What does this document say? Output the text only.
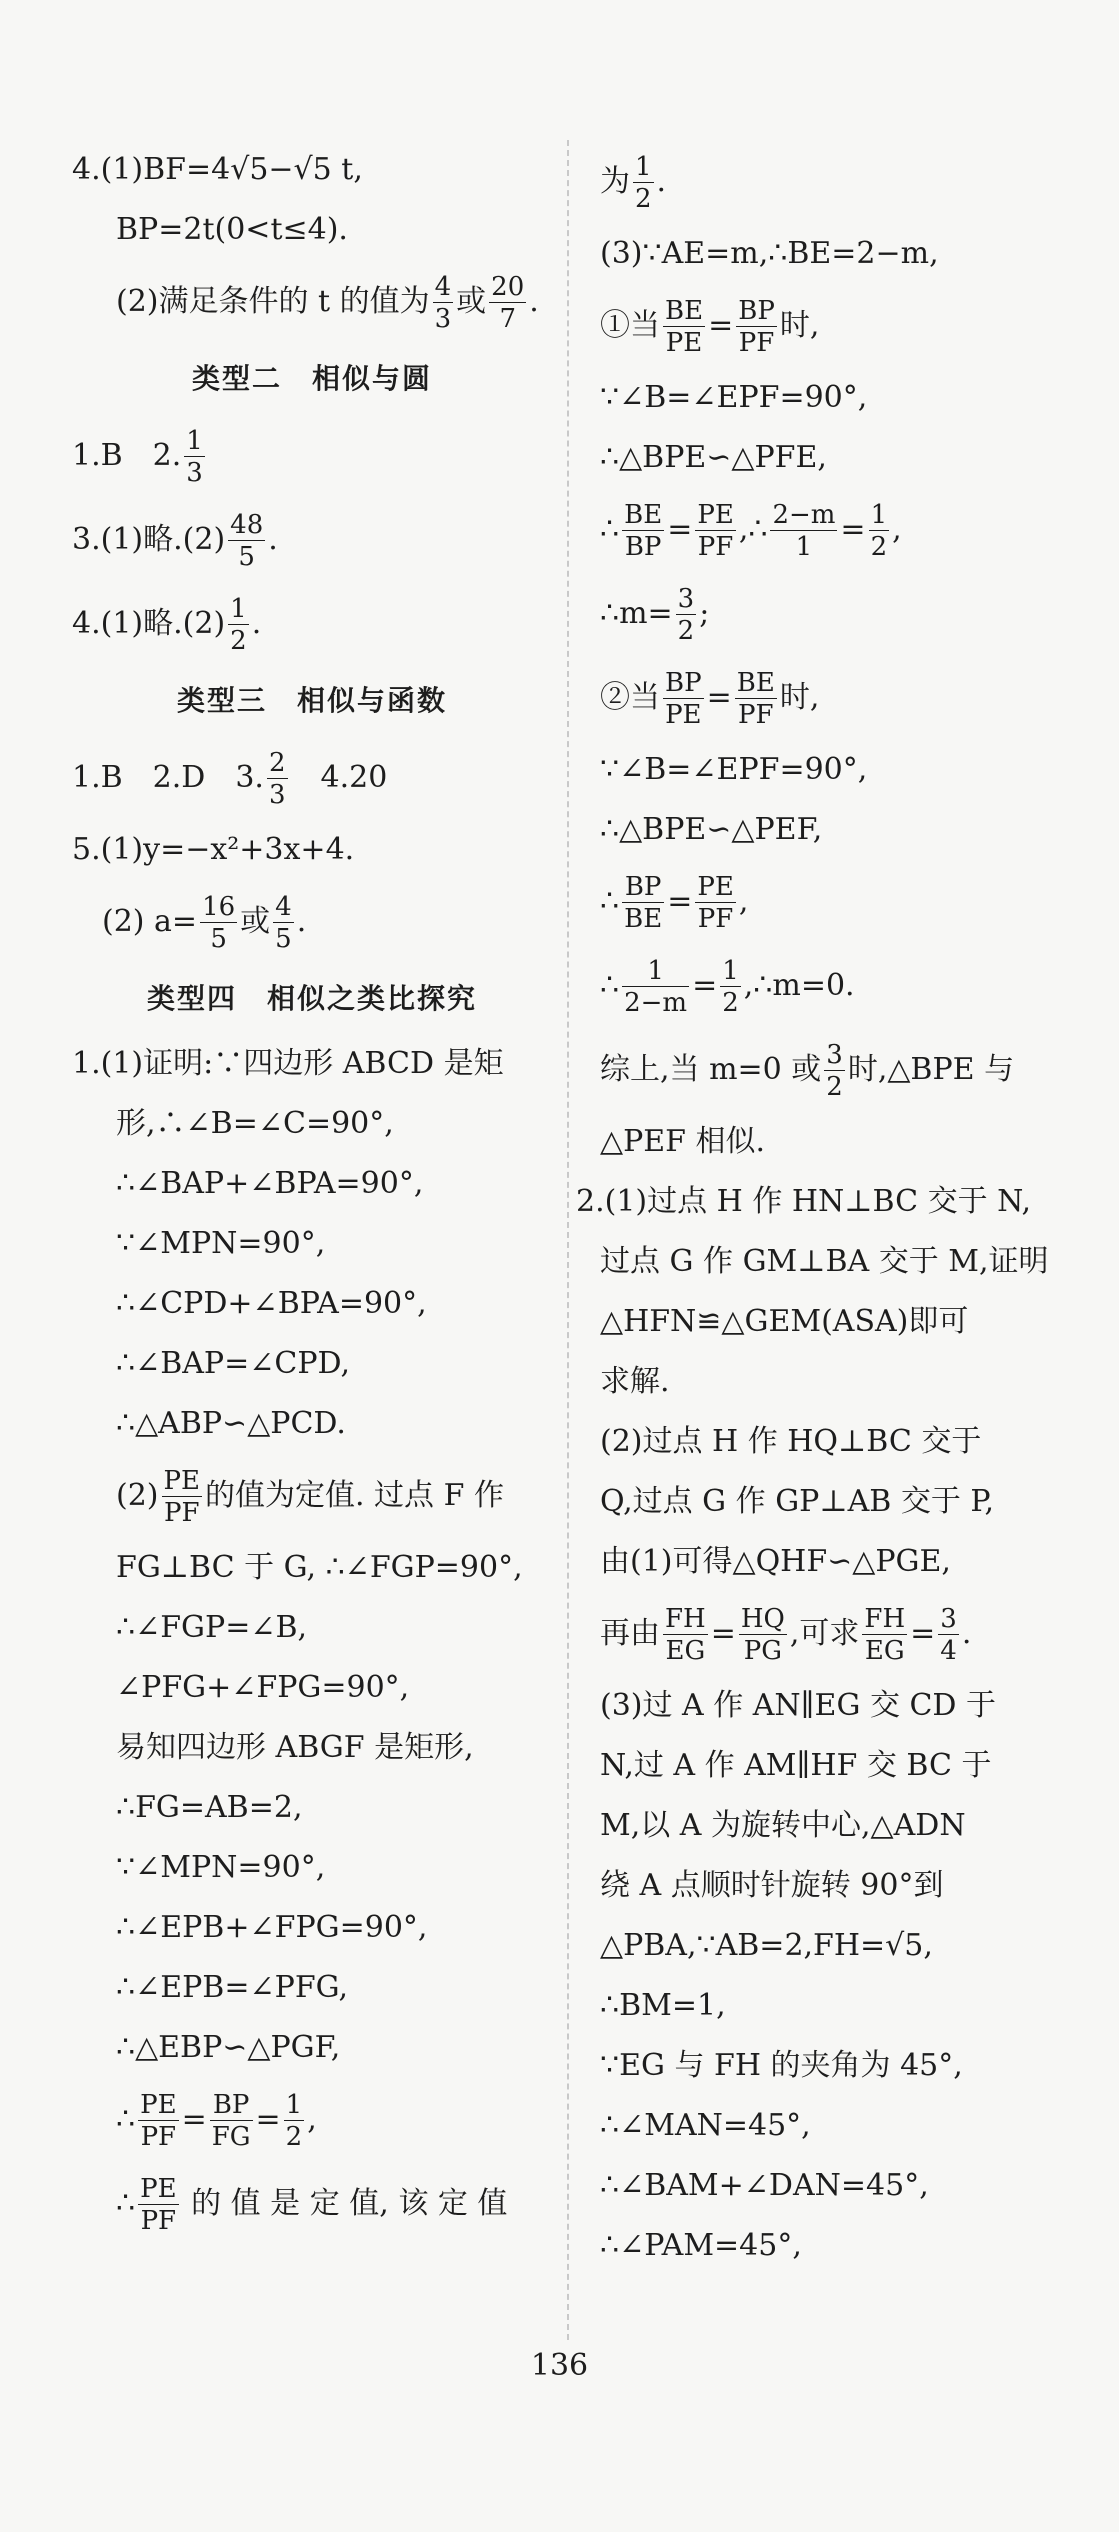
4.(1)BF=4√5−√5 t,
BP=2t(0<t≤4).
(2)满足条件的 t 的值为 $\frac{4}{3}$ 或 $\frac{20}{7}$ .
类型二　相似与圆
1.B　2. $\frac{1}{3}$
3.(1)略$.(2) \frac{48}{5}$ .
4.(1)略$.(2) \frac{1}{2}$ .
类型三　相似与函数
1.B　2.D　3. $\frac{2}{3}$ 　4.20
5.(1)y=−x²+3x+4.
(2) $a= \frac{16}{5}$ 或 $\frac{4}{5}$ .
类型四　相似之类比探究
1.(1)证明:∵四边形 ABCD 是矩
形,∴∠B=∠C=90°,
∴∠BAP+∠BPA=90°,
∵∠MPN=90°,
∴∠CPD+∠BPA=90°,
∴∠BAP=∠CPD,
∴△ABP∽△PCD.
$(2) \frac{PE}{PF}$ 的值为定值. 过点 F 作
FG⊥BC 于 G, ∴∠FGP=90°,
∴∠FGP=∠B,
∠PFG+∠FPG=90°,
易知四边形 ABGF 是矩形,
∴FG=AB=2,
∵∠MPN=90°,
∴∠EPB+∠FPG=90°,
∴∠EPB=∠PFG,
∴△EBP∽△PGF,
∴ $\frac{PE}{PF} = \frac{BP}{FG} = \frac{1}{2}$ ,
∴ $\frac{PE}{PF}$ 的 值 是 定 值, 该 定 值
为 $\frac{1}{2}$ .
(3)∵AE=m,∴BE=2−m,
①当 $\frac{BE}{PE} = \frac{BP}{PF}$ 时,
∵∠B=∠EPF=90°,
∴△BPE∽△PFE,
∴ $\frac{BE}{BP} = \frac{PE}{PF}$ ,∴ $\frac{2-m}{1} = \frac{1}{2}$ ,
∴m= $\frac{3}{2}$ ;
②当 $\frac{BP}{PE} = \frac{BE}{PF}$ 时,
∵∠B=∠EPF=90°,
∴△BPE∽△PEF,
∴ $\frac{BP}{BE} = \frac{PE}{PF}$ ,
∴ $\frac{1}{2-m} = \frac{1}{2}$ ,∴m=0.
综上,当 m=0 或 $\frac{3}{2}$ 时,△BPE 与
△PEF 相似.
2.(1)过点 H 作 HN⊥BC 交于 N,
过点 G 作 GM⊥BA 交于 M,证明
△HFN≌△GEM(ASA)即可
求解.
(2)过点 H 作 HQ⊥BC 交于
Q,过点 G 作 GP⊥AB 交于 P,
由(1)可得△QHF∽△PGE,
再由 $\frac{FH}{EG} = \frac{HQ}{PG}$ ,可求 $\frac{FH}{EG} = \frac{3}{4}$ .
(3)过 A 作 AN∥EG 交 CD 于
N,过 A 作 AM∥HF 交 BC 于
M,以 A 为旋转中心,△ADN
绕 A 点顺时针旋转 90°到
△PBA,∵AB=2,FH=√5,
∴BM=1,
∵EG 与 FH 的夹角为 45°,
∴∠MAN=45°,
∴∠BAM+∠DAN=45°,
∴∠PAM=45°,
136
